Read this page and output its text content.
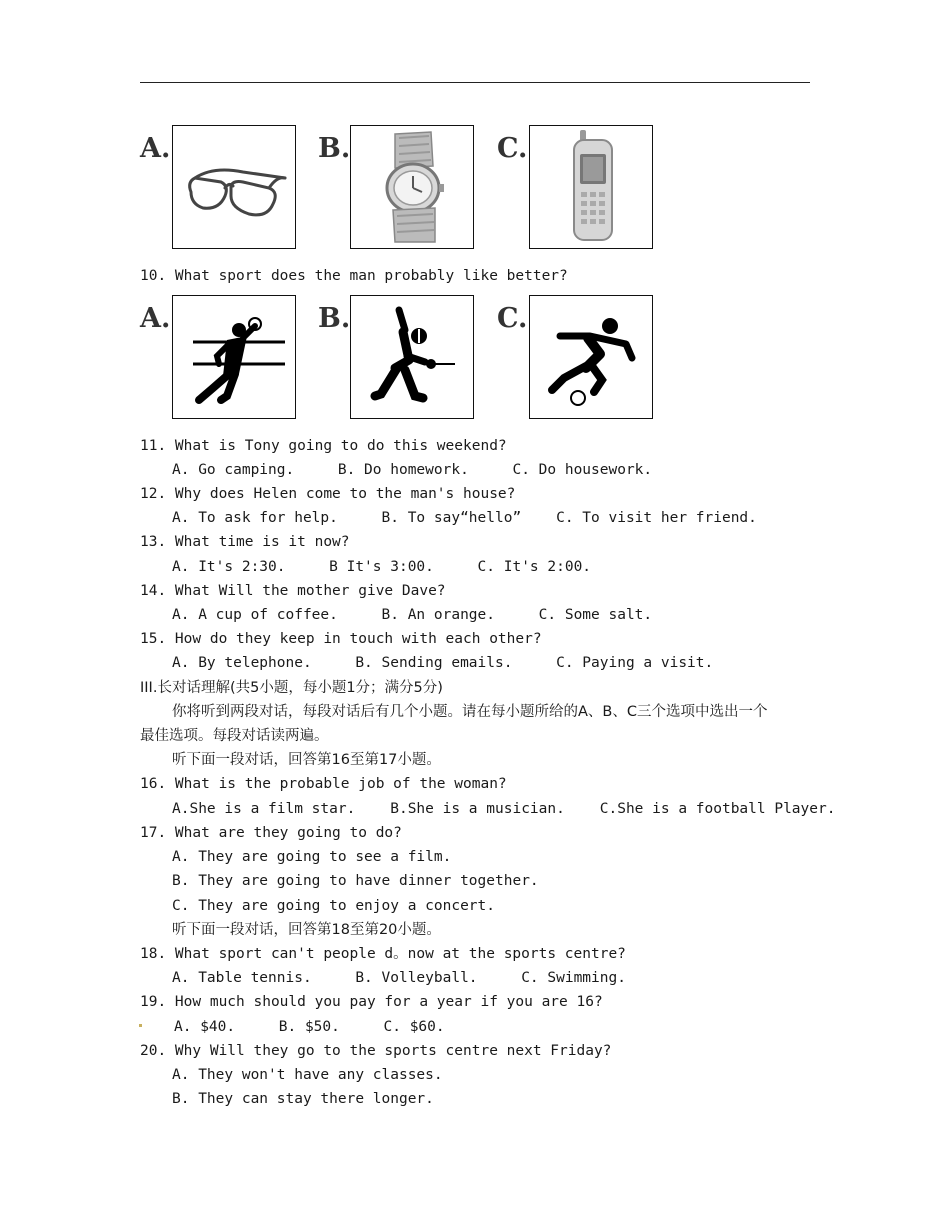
A.	B.	C.
10. What sport does the man probably like better?
A.	B.	C.
11. What is Tony going to do this weekend?
A. Go camping.     B. Do homework.     C. Do housework.
12. Why does Helen come to the man's house?
A. To ask for help.     B. To say“hello”    C. To visit her friend.
13. What time is it now?
A. It's 2:30.     B It's 3:00.     C. It's 2:00.
14. What Will the mother give Dave?
A. A cup of coffee.     B. An orange.     C. Some salt.
15. How do they keep in touch with each other?
A. By telephone.     B. Sending emails.     C. Paying a visit.
III.长对话理解(共5小题，每小题1分；满分5分)
你将听到两段对话，每段对话后有几个小题。请在每小题所给的A、B、C三个选项中选出一个
最佳选项。每段对话读两遍。
听下面一段对话，回答第16至第17小题。
16. What is the probable job of the woman?
A.She is a film star.    B.She is a musician.    C.She is a football Player.
17. What are they going to do?
A. They are going to see a film.
B. They are going to have dinner together.
C. They are going to enjoy a concert.
听下面一段对话，回答第18至第20小题。
18. What sport can't people d。now at the sports centre?
A. Table tennis.     B. Volleyball.     C. Swimming.
19. How much should you pay for a year if you are 16?
A. $40.     B. $50.     C. $60.
20. Why Will they go to the sports centre next Friday?
A. They won't have any classes.
B. They can stay there longer.
